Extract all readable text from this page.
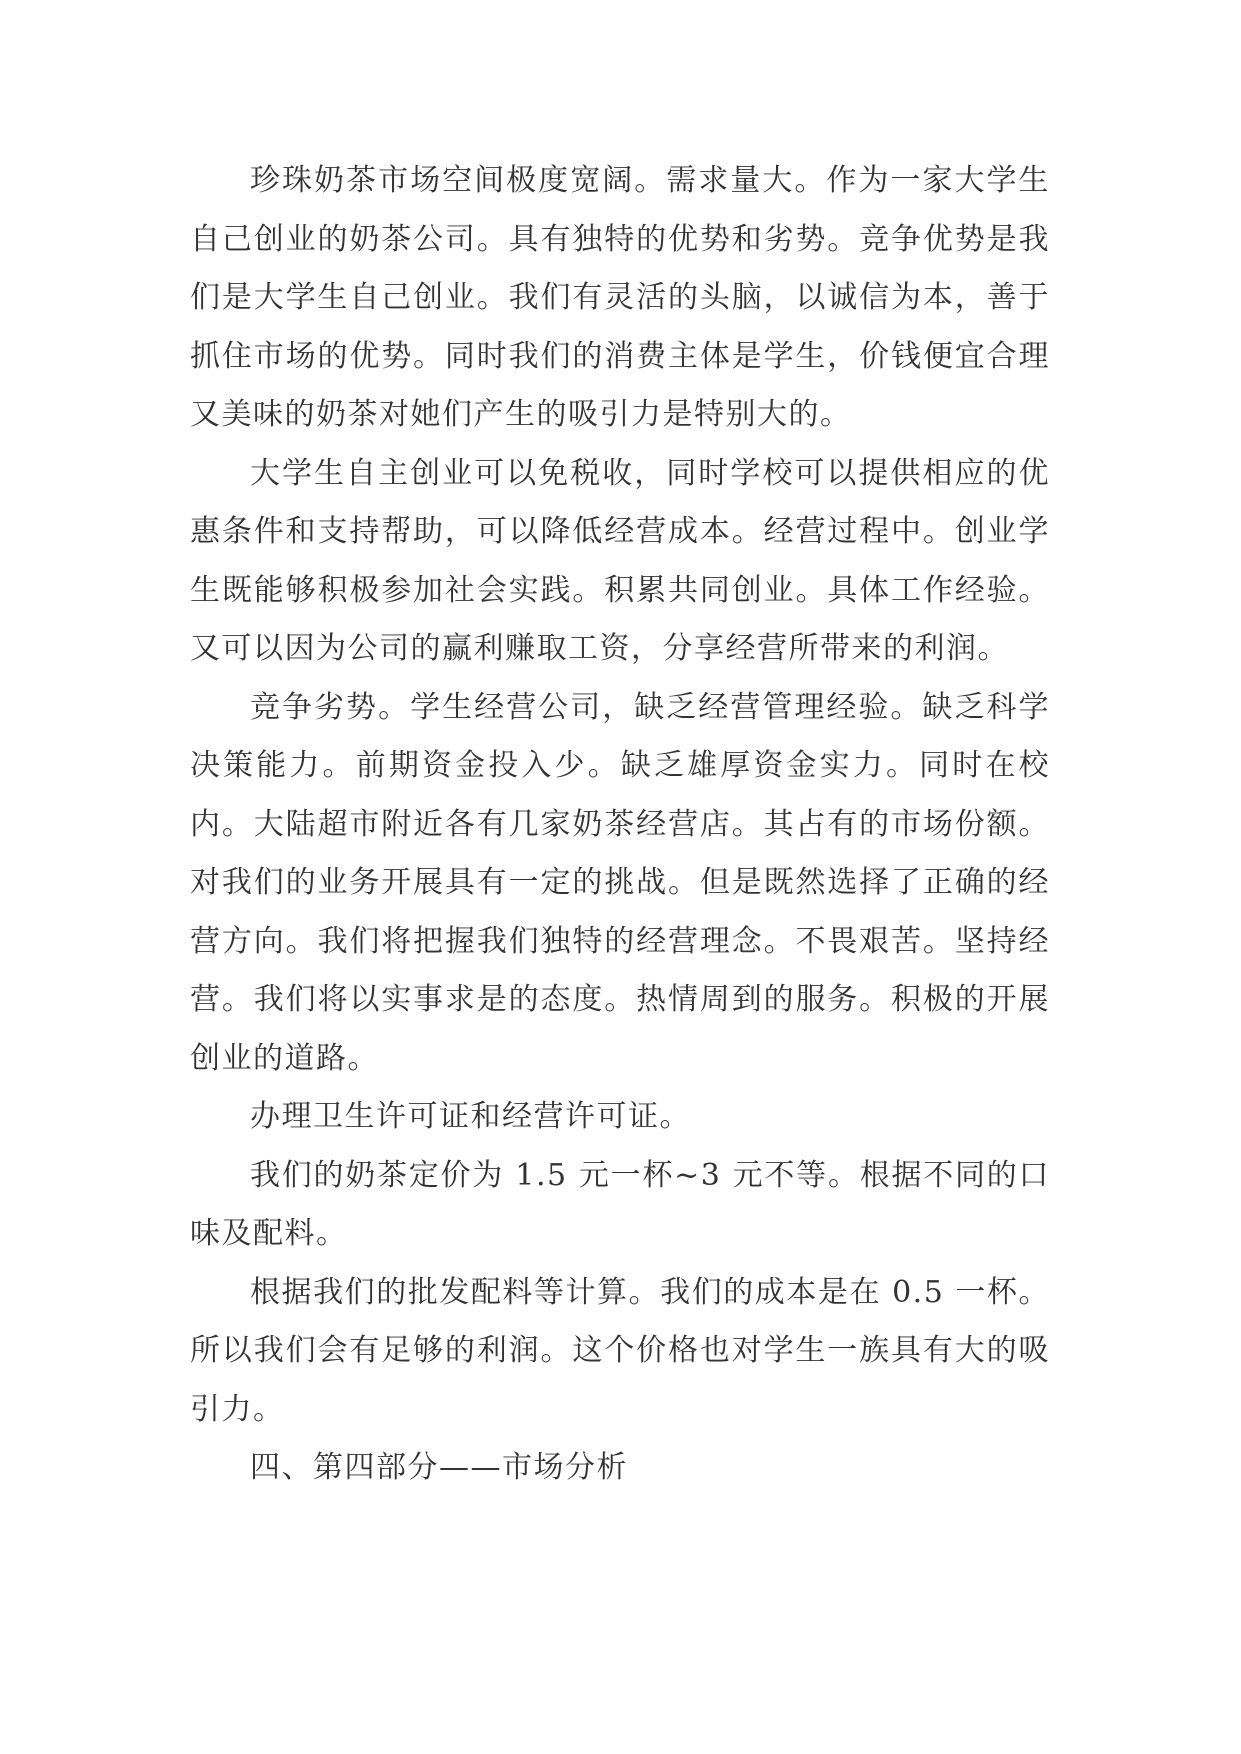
珍珠奶茶市场空间极度宽阔。需求量大。作为一家大学生自己创业的奶茶公司。具有独特的优势和劣势。竞争优势是我们是大学生自己创业。我们有灵活的头脑，以诚信为本，善于抓住市场的优势。同时我们的消费主体是学生，价钱便宜合理又美味的奶茶对她们产生的吸引力是特别大的。

大学生自主创业可以免税收，同时学校可以提供相应的优惠条件和支持帮助，可以降低经营成本。经营过程中。创业学生既能够积极参加社会实践。积累共同创业。具体工作经验。又可以因为公司的赢利赚取工资，分享经营所带来的利润。

竞争劣势。学生经营公司，缺乏经营管理经验。缺乏科学决策能力。前期资金投入少。缺乏雄厚资金实力。同时在校内。大陆超市附近各有几家奶茶经营店。其占有的市场份额。对我们的业务开展具有一定的挑战。但是既然选择了正确的经营方向。我们将把握我们独特的经营理念。不畏艰苦。坚持经营。我们将以实事求是的态度。热情周到的服务。积极的开展创业的道路。

办理卫生许可证和经营许可证。

我们的奶茶定价为 1.5 元一杯~3 元不等。根据不同的口味及配料。

根据我们的批发配料等计算。我们的成本是在 0.5 一杯。所以我们会有足够的利润。这个价格也对学生一族具有大的吸引力。

四、第四部分——市场分析
